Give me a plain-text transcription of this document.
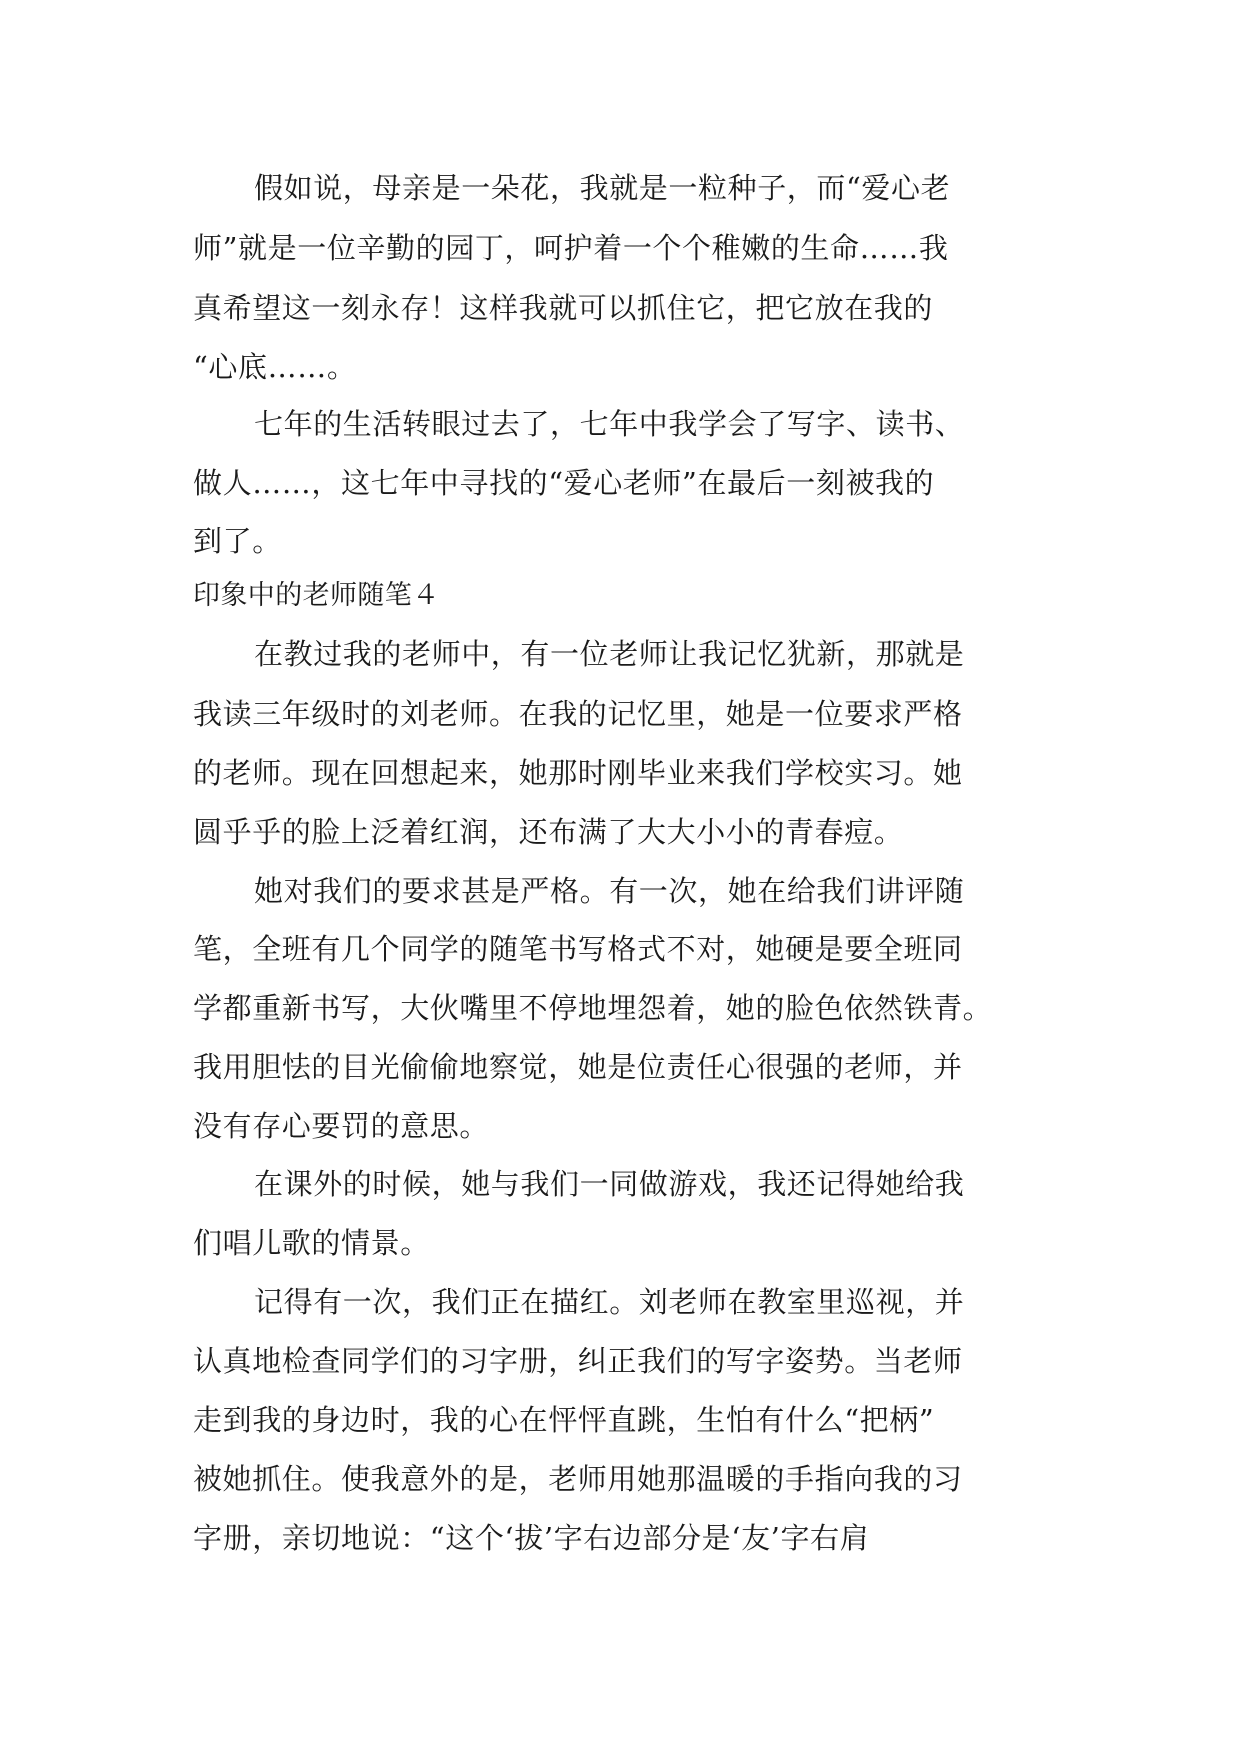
假如说，母亲是一朵花，我就是一粒种子，而“爱心老
师”就是一位辛勤的园丁，呵护着一个个稚嫩的生命……我
真希望这一刻永存！这样我就可以抓住它，把它放在我的
“心底……。
七年的生活转眼过去了，七年中我学会了写字、读书、
做人……，这七年中寻找的“爱心老师”在最后一刻被我的
到了。
印象中的老师随笔４
在教过我的老师中，有一位老师让我记忆犹新，那就是
我读三年级时的刘老师。在我的记忆里，她是一位要求严格
的老师。现在回想起来，她那时刚毕业来我们学校实习。她
圆乎乎的脸上泛着红润，还布满了大大小小的青春痘。
她对我们的要求甚是严格。有一次，她在给我们讲评随
笔，全班有几个同学的随笔书写格式不对，她硬是要全班同
学都重新书写，大伙嘴里不停地埋怨着，她的脸色依然铁青。
我用胆怯的目光偷偷地察觉，她是位责任心很强的老师，并
没有存心要罚的意思。
在课外的时候，她与我们一同做游戏，我还记得她给我
们唱儿歌的情景。
记得有一次，我们正在描红。刘老师在教室里巡视，并
认真地检查同学们的习字册，纠正我们的写字姿势。当老师
走到我的身边时，我的心在怦怦直跳，生怕有什么“把柄”
被她抓住。使我意外的是，老师用她那温暖的手指向我的习
字册，亲切地说：“这个‘拔’字右边部分是‘友’字右肩
